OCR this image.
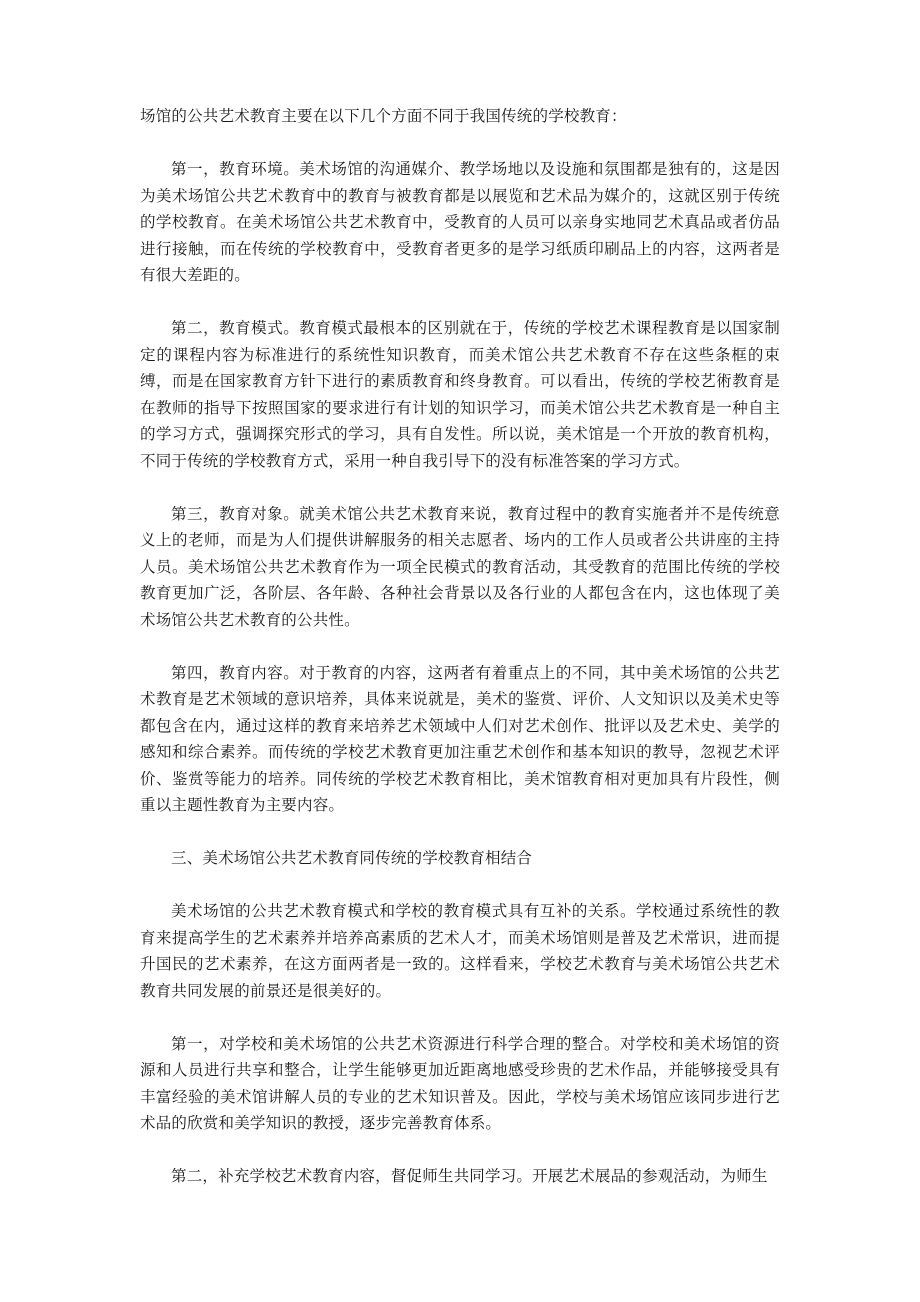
场馆的公共艺术教育主要在以下几个方面不同于我国传统的学校教育：

第一，教育环境。美术场馆的沟通媒介、教学场地以及设施和氛围都是独有的，这是因为美术场馆公共艺术教育中的教育与被教育都是以展览和艺术品为媒介的，这就区别于传统的学校教育。在美术场馆公共艺术教育中，受教育的人员可以亲身实地同艺术真品或者仿品进行接触，而在传统的学校教育中，受教育者更多的是学习纸质印刷品上的内容，这两者是有很大差距的。

第二，教育模式。教育模式最根本的区别就在于，传统的学校艺术课程教育是以国家制定的课程内容为标准进行的系统性知识教育，而美术馆公共艺术教育不存在这些条框的束缚，而是在国家教育方针下进行的素质教育和终身教育。可以看出，传统的学校艺術教育是在教师的指导下按照国家的要求进行有计划的知识学习，而美术馆公共艺术教育是一种自主的学习方式，强调探究形式的学习，具有自发性。所以说，美术馆是一个开放的教育机构，不同于传统的学校教育方式，采用一种自我引导下的没有标准答案的学习方式。

第三，教育对象。就美术馆公共艺术教育来说，教育过程中的教育实施者并不是传统意义上的老师，而是为人们提供讲解服务的相关志愿者、场内的工作人员或者公共讲座的主持人员。美术场馆公共艺术教育作为一项全民模式的教育活动，其受教育的范围比传统的学校教育更加广泛，各阶层、各年龄、各种社会背景以及各行业的人都包含在内，这也体现了美术场馆公共艺术教育的公共性。

第四，教育内容。对于教育的内容，这两者有着重点上的不同，其中美术场馆的公共艺术教育是艺术领域的意识培养，具体来说就是，美术的鉴赏、评价、人文知识以及美术史等都包含在内，通过这样的教育来培养艺术领域中人们对艺术创作、批评以及艺术史、美学的感知和综合素养。而传统的学校艺术教育更加注重艺术创作和基本知识的教导，忽视艺术评价、鉴赏等能力的培养。同传统的学校艺术教育相比，美术馆教育相对更加具有片段性，侧重以主题性教育为主要内容。

三、美术场馆公共艺术教育同传统的学校教育相结合

美术场馆的公共艺术教育模式和学校的教育模式具有互补的关系。学校通过系统性的教育来提高学生的艺术素养并培养高素质的艺术人才，而美术场馆则是普及艺术常识，进而提升国民的艺术素养，在这方面两者是一致的。这样看来，学校艺术教育与美术场馆公共艺术教育共同发展的前景还是很美好的。

第一，对学校和美术场馆的公共艺术资源进行科学合理的整合。对学校和美术场馆的资源和人员进行共享和整合，让学生能够更加近距离地感受珍贵的艺术作品，并能够接受具有丰富经验的美术馆讲解人员的专业的艺术知识普及。因此，学校与美术场馆应该同步进行艺术品的欣赏和美学知识的教授，逐步完善教育体系。

第二，补充学校艺术教育内容，督促师生共同学习。开展艺术展品的参观活动，为师生
